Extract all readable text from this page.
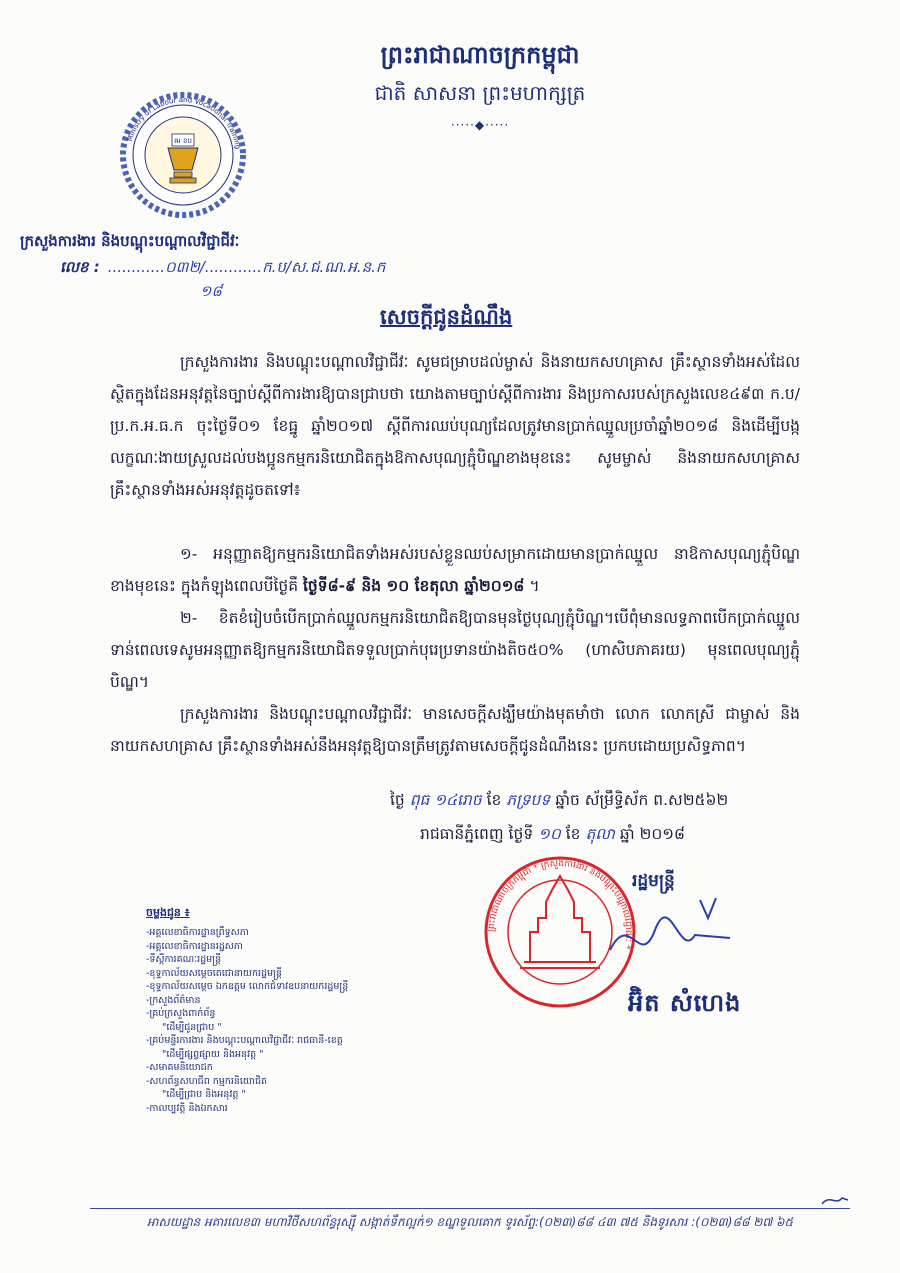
ព្រះរាជាណាចក្រកម្ពុជា
ជាតិ សាសនា ព្រះមហាក្សត្រ
·····◆·····
ឝរ ខប
Ministry of Labour and Vocational Training
ក្រសួងការងារ និងបណ្តុះបណ្តាលវិជ្ជាជីវៈ
លេខ : ............០៣២/............ក.ប/ស.ជ.ណ.អ.ន.ក
១៨
សេចក្តីជូនដំណឹង
ក្រសួងការងារ និងបណ្តុះបណ្តាលវិជ្ជាជីវៈ សូមជម្រាបដល់ម្ចាស់ និងនាយកសហគ្រាស គ្រឹះស្ថានទាំងអស់ដែលស្ថិតក្នុងដែនអនុវត្តនៃច្បាប់ស្តីពីការងារឱ្យបានជ្រាបថា យោងតាមច្បាប់ស្តីពីការងារ និងប្រកាសរបស់ក្រសួងលេខ៤៩៣ ក.ប/ប្រ.ក.អ.ធ.ក ចុះថ្ងៃទី០១ ខែធ្នូ ឆ្នាំ២០១៧ ស្តីពីការឈប់បុណ្យដែលត្រូវមានប្រាក់ឈ្នួលប្រចាំឆ្នាំ២០១៨ និងដើម្បីបង្កលក្ខណៈងាយស្រួលដល់បងប្អូនកម្មករនិយោជិតក្នុងឱកាសបុណ្យភ្ជុំបិណ្ឌខាងមុខនេះ សូមម្ចាស់ និងនាយកសហគ្រាស គ្រឹះស្ថានទាំងអស់អនុវត្តដូចតទៅ៖
១- អនុញ្ញាតឱ្យកម្មករនិយោជិតទាំងអស់របស់ខ្លួនឈប់សម្រាកដោយមានប្រាក់ឈ្នួល នាឱកាសបុណ្យភ្ជុំបិណ្ឌខាងមុខនេះ ក្នុងកំឡុងពេលបីថ្ងៃគឺ ថ្ងៃទី៨-៩ និង ១០ ខែតុលា ឆ្នាំ២០១៨ ។
២- ខិតខំរៀបចំបើកប្រាក់ឈ្នួលកម្មករនិយោជិតឱ្យបានមុនថ្ងៃបុណ្យភ្ជុំបិណ្ឌ។បើពុំមានលទ្ធភាពបើកប្រាក់ឈ្នួលទាន់ពេលទេសូមអនុញ្ញាតឱ្យកម្មករនិយោជិតទទួលប្រាក់បុរេប្រទានយ៉ាងតិច៥០% (ហាសិបភាគរយ) មុនពេលបុណ្យភ្ជុំបិណ្ឌ។
ក្រសួងការងារ និងបណ្តុះបណ្តាលវិជ្ជាជីវៈ មានសេចក្តីសង្ឃឹមយ៉ាងមុតមាំថា លោក លោកស្រី ជាម្ចាស់ និងនាយកសហគ្រាស គ្រឹះស្ថានទាំងអស់នឹងអនុវត្តឱ្យបានត្រឹមត្រូវតាមសេចក្តីជូនដំណឹងនេះ ប្រកបដោយប្រសិទ្ធភាព។
ថ្ងៃ ពុធ ១៤រោច ខែ ភទ្របទ ឆ្នាំច ស័ម្រឹទ្ធិស័ក ព.ស២៥៦២
រាជធានីភ្នំពេញ ថ្ងៃទី ១០ ខែ តុលា ឆ្នាំ ២០១៨
ព្រះរាជាណាចក្រកម្ពុជា * ក្រសួងការងារ និងបណ្តុះបណ្តាលវិជ្ជាជីវៈ *
រដ្ឋមន្ត្រី
អ៊ិត សំហេង
ចម្លងជូន ៖
-អគ្គលេខាធិការដ្ឋានព្រឹទ្ធសភា
-អគ្គលេខាធិការដ្ឋានរដ្ឋសភា
-ទីស្តីការគណៈរដ្ឋមន្ត្រី
-ខុទ្ទកាល័យសម្តេចតេជោនាយករដ្ឋមន្ត្រី
-ខុទ្ទកាល័យសម្តេច ឯកឧត្តម លោកជំទាវឧបនាយករដ្ឋមន្ត្រី
-ក្រសួងព័ត៌មាន
-គ្រប់ក្រសួងពាក់ព័ន្ធ
"ដើម្បីជូនជ្រាប "
-គ្រប់មន្ទីរការងារ និងបណ្តុះបណ្តាលវិជ្ជាជីវៈ រាជធានី-ខេត្ត
"ដើម្បីផ្សព្វផ្សាយ និងអនុវត្ត "
-សមាគមនិយោជក
-សហព័ន្ធសហជីព កម្មករនិយោជិត
"ដើម្បីជ្រាប និងអនុវត្ត "
-កាលប្បវត្តិ និងឯកសារ
អាសយដ្ឋាន អគារលេខ៣ មហាវិថីសហព័ន្ធរុស្ស៊ី សង្កាត់ទឹកល្អក់១ ខណ្ឌទួលគោក ទូរស័ព្ទ:(០២៣)៨៨ ៤៣ ៧៥ និងទូរសារ :(០២៣)៨៨ ២៧ ៦៥
